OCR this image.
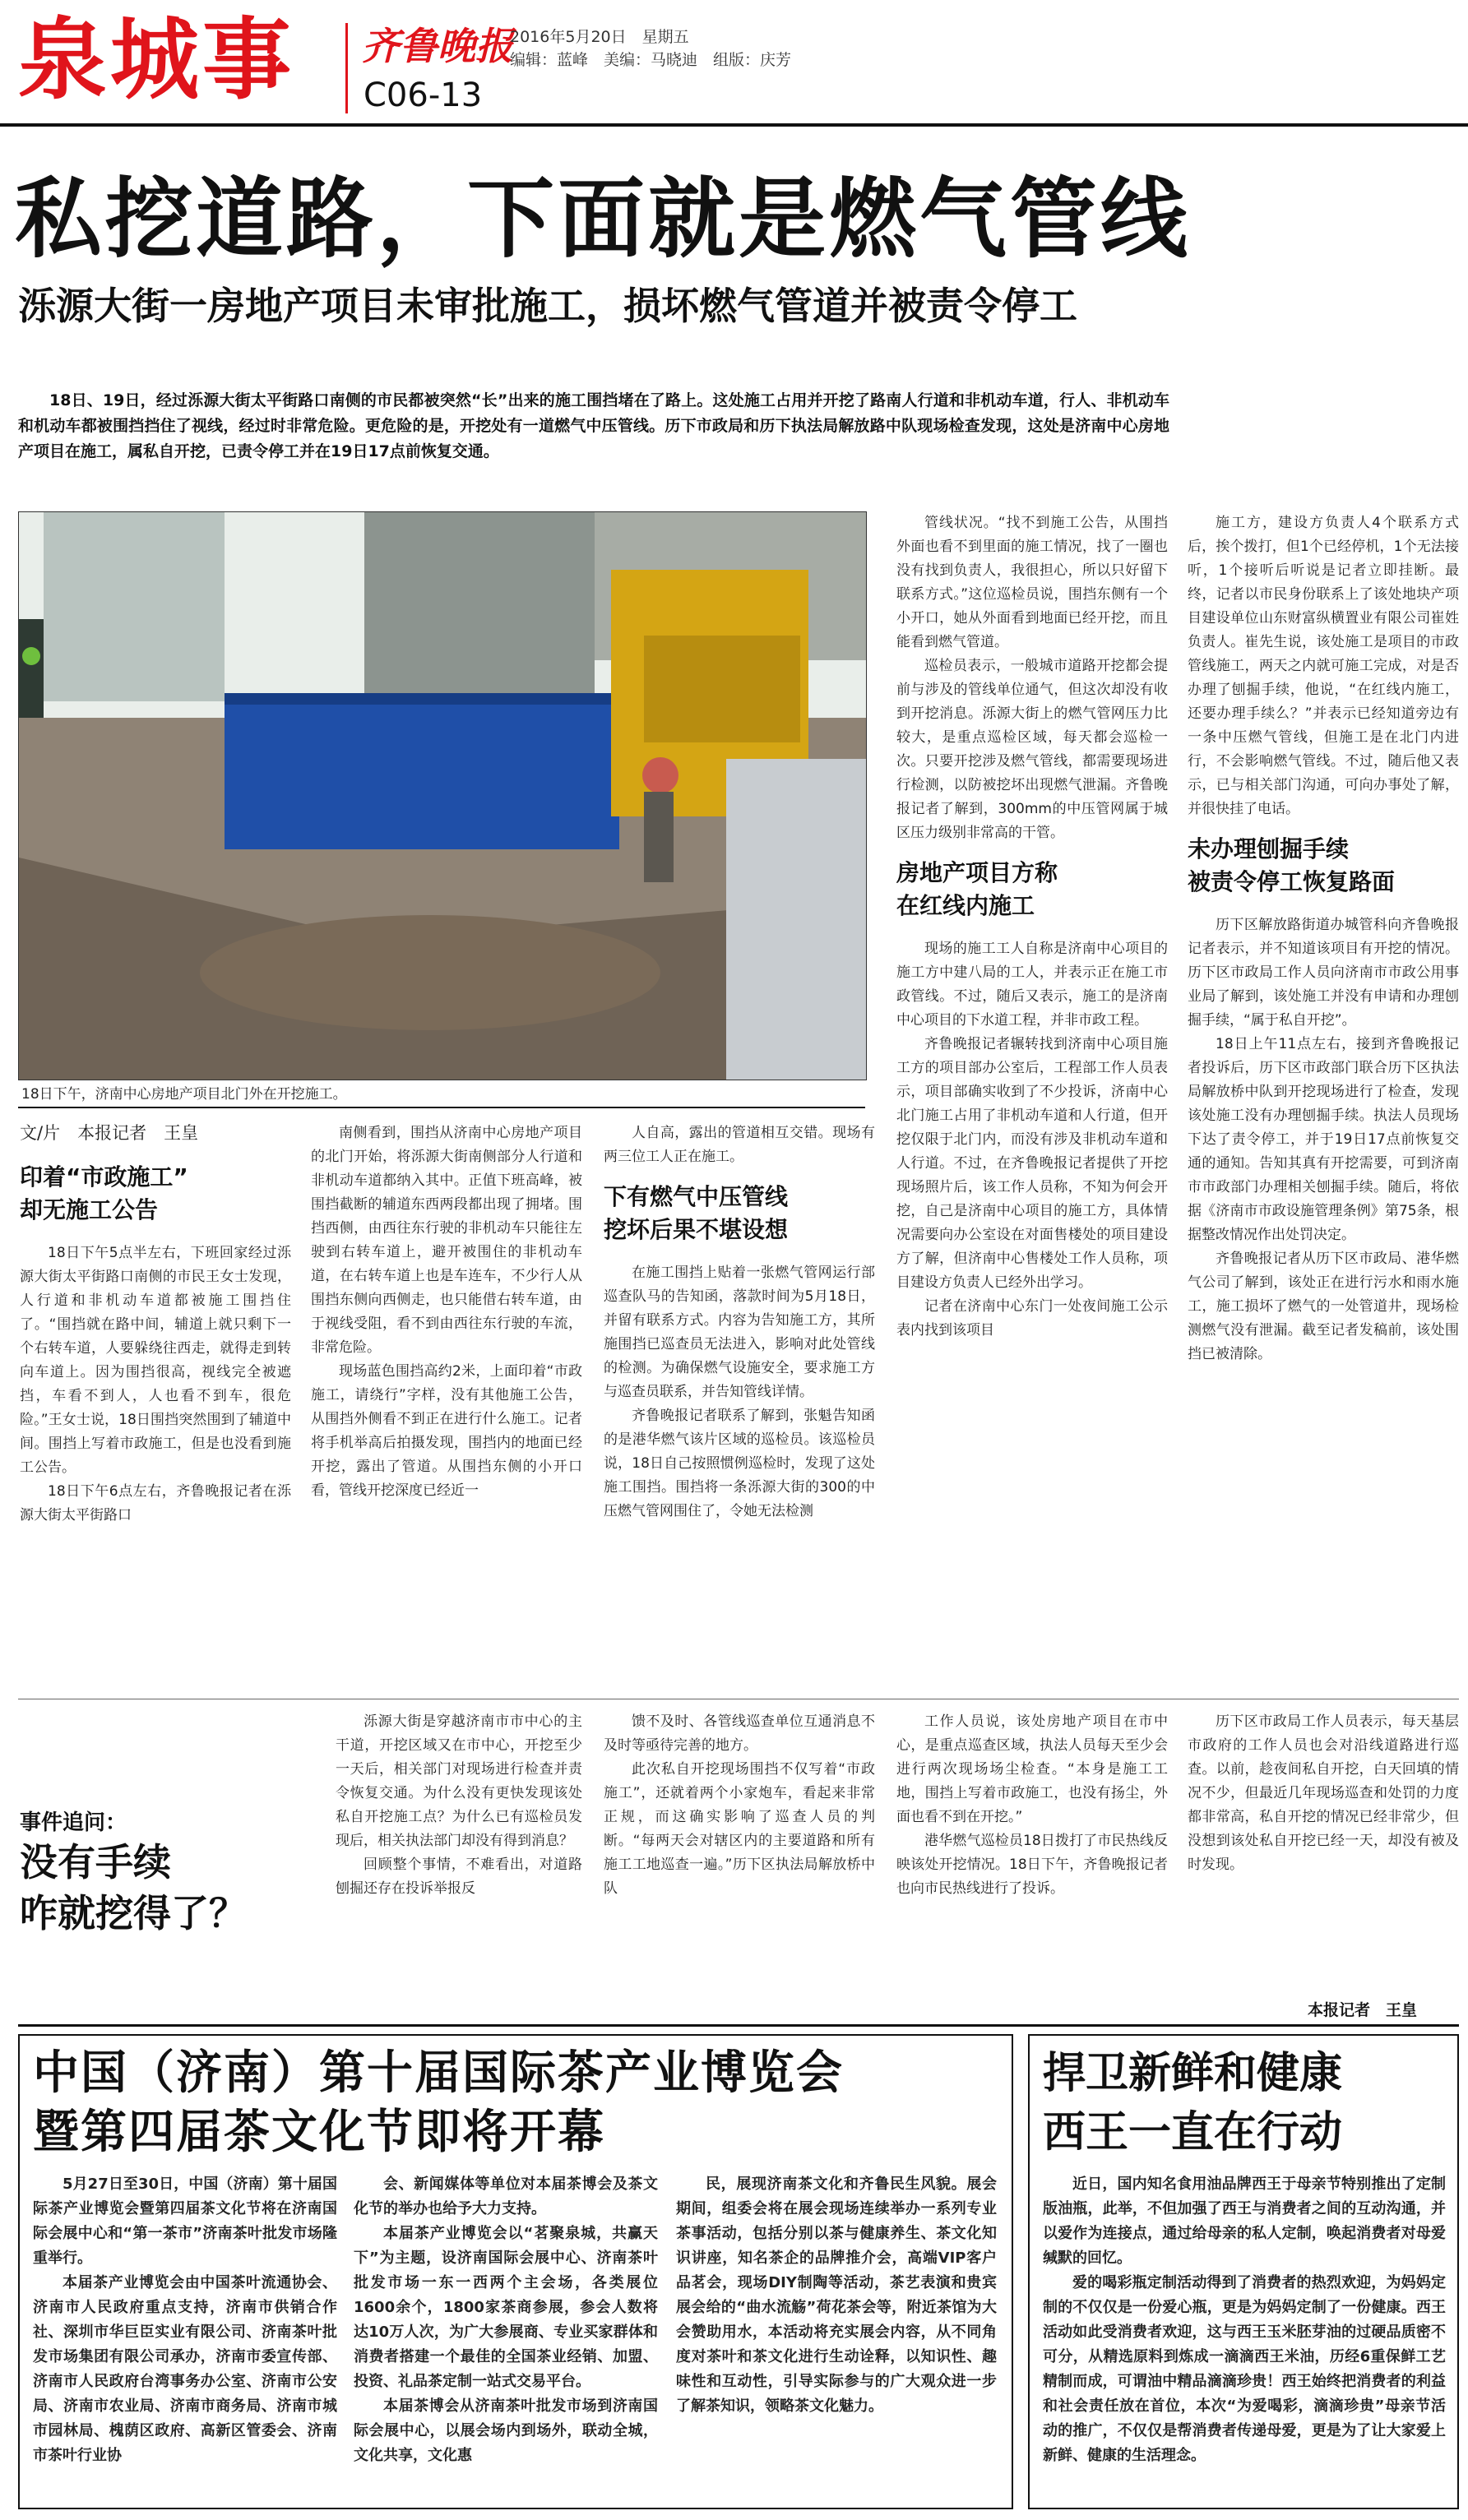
泉城事 齐鲁晚报
2016年5月20日　星期五
编辑：蓝峰　美编：马晓迪　组版：庆芳
C06-13
私挖道路，下面就是燃气管线
泺源大街一房地产项目未审批施工，损坏燃气管道并被责令停工
18日、19日，经过泺源大街太平街路口南侧的市民都被突然“长”出来的施工围挡堵在了路上。这处施工占用并开挖了路南人行道和非机动车道，行人、非机动车和机动车都被围挡挡住了视线，经过时非常危险。更危险的是，开挖处有一道燃气中压管线。历下市政局和历下执法局解放路中队现场检查发现，这处是济南中心房地产项目在施工，属私自开挖，已责令停工并在19日17点前恢复交通。
18日下午，济南中心房地产项目北门外在开挖施工。
文/片　本报记者　王皇
印着“市政施工”
却无施工公告

18日下午5点半左右，下班回家经过泺源大街太平街路口南侧的市民王女士发现，人行道和非机动车道都被施工围挡住了。“围挡就在路中间，辅道上就只剩下一个右转车道，人要躲绕往西走，就得走到转向车道上。因为围挡很高，视线完全被遮挡，车看不到人，人也看不到车，很危险。”王女士说，18日围挡突然围到了辅道中间。围挡上写着市政施工，但是也没看到施工公告。

18日下午6点左右，齐鲁晚报记者在泺源大街太平街路口

南侧看到，围挡从济南中心房地产项目的北门开始，将泺源大街南侧部分人行道和非机动车道都纳入其中。正值下班高峰，被围挡截断的辅道东西两段都出现了拥堵。围挡西侧，由西往东行驶的非机动车只能往左驶到右转车道上，避开被围住的非机动车道，在右转车道上也是车连车，不少行人从围挡东侧向西侧走，也只能借右转车道，由于视线受阻，看不到由西往东行驶的车流，非常危险。

现场蓝色围挡高约2米，上面印着“市政施工，请绕行”字样，没有其他施工公告，从围挡外侧看不到正在进行什么施工。记者将手机举高后拍摄发现，围挡内的地面已经开挖，露出了管道。从围挡东侧的小开口看，管线开挖深度已经近一

人自高，露出的管道相互交错。现场有两三位工人正在施工。

下有燃气中压管线
挖坏后果不堪设想

在施工围挡上贴着一张燃气管网运行部巡查队马的告知函，落款时间为5月18日，并留有联系方式。内容为告知施工方，其所施围挡已巡查员无法进入，影响对此处管线的检测。为确保燃气设施安全，要求施工方与巡查员联系，并告知管线详情。

齐鲁晚报记者联系了解到，张魁告知函的是港华燃气该片区域的巡检员。该巡检员说，18日自己按照惯例巡检时，发现了这处施工围挡。围挡将一条泺源大街的300的中压燃气管网围住了，令她无法检测

管线状况。“找不到施工公告，从围挡外面也看不到里面的施工情况，找了一圈也没有找到负责人，我很担心，所以只好留下联系方式。”这位巡检员说，围挡东侧有一个小开口，她从外面看到地面已经开挖，而且能看到燃气管道。

巡检员表示，一般城市道路开挖都会提前与涉及的管线单位通气，但这次却没有收到开挖消息。泺源大街上的燃气管网压力比较大，是重点巡检区域，每天都会巡检一次。只要开挖涉及燃气管线，都需要现场进行检测，以防被挖坏出现燃气泄漏。齐鲁晚报记者了解到，300mm的中压管网属于城区压力级别非常高的干管。

房地产项目方称
在红线内施工

现场的施工工人自称是济南中心项目的施工方中建八局的工人，并表示正在施工市政管线。不过，随后又表示，施工的是济南中心项目的下水道工程，并非市政工程。

齐鲁晚报记者辗转找到济南中心项目施工方的项目部办公室后，工程部工作人员表示，项目部确实收到了不少投诉，济南中心北门施工占用了非机动车道和人行道，但开挖仅限于北门内，而没有涉及非机动车道和人行道。不过，在齐鲁晚报记者提供了开挖现场照片后，该工作人员称，不知为何会开挖，自己是济南中心项目的施工方，具体情况需要向办公室设在对面售楼处的项目建设方了解，但济南中心售楼处工作人员称，项目建设方负责人已经外出学习。

记者在济南中心东门一处夜间施工公示表内找到该项目

施工方，建设方负责人4个联系方式后，挨个拨打，但1个已经停机，1个无法接听，1个接听后听说是记者立即挂断。最终，记者以市民身份联系上了该处地块产项目建设单位山东财富纵横置业有限公司崔姓负责人。崔先生说，该处施工是项目的市政管线施工，两天之内就可施工完成，对是否办理了刨掘手续，他说，“在红线内施工，还要办理手续么？”并表示已经知道旁边有一条中压燃气管线，但施工是在北门内进行，不会影响燃气管线。不过，随后他又表示，已与相关部门沟通，可向办事处了解，并很快挂了电话。

未办理刨掘手续
被责令停工恢复路面

历下区解放路街道办城管科向齐鲁晚报记者表示，并不知道该项目有开挖的情况。历下区市政局工作人员向济南市市政公用事业局了解到，该处施工并没有申请和办理刨掘手续，“属于私自开挖”。

18日上午11点左右，接到齐鲁晚报记者投诉后，历下区市政部门联合历下区执法局解放桥中队到开挖现场进行了检查，发现该处施工没有办理刨掘手续。执法人员现场下达了责令停工，并于19日17点前恢复交通的通知。告知其真有开挖需要，可到济南市市政部门办理相关刨掘手续。随后，将依据《济南市市政设施管理条例》第75条，根据整改情况作出处罚决定。

齐鲁晚报记者从历下区市政局、港华燃气公司了解到，该处正在进行污水和雨水施工，施工损坏了燃气的一处管道井，现场检测燃气没有泄漏。截至记者发稿前，该处围挡已被清除。

事件追问：
没有手续
咋就挖得了？

泺源大街是穿越济南市市中心的主干道，开挖区域又在市中心，开挖至少一天后，相关部门对现场进行检查并责令恢复交通。为什么没有更快发现该处私自开挖施工点？为什么已有巡检员发现后，相关执法部门却没有得到消息？

回顾整个事情，不难看出，对道路刨掘还存在投诉举报反

馈不及时、各管线巡查单位互通消息不及时等亟待完善的地方。

此次私自开挖现场围挡不仅写着“市政施工”，还就着两个小家炮车，看起来非常正规，而这确实影响了巡查人员的判断。“每两天会对辖区内的主要道路和所有施工工地巡查一遍。”历下区执法局解放桥中队

工作人员说，该处房地产项目在市中心，是重点巡查区域，执法人员每天至少会进行两次现场场尘检查。“本身是施工工地，围挡上写着市政施工，也没有扬尘，外面也看不到在开挖。”

港华燃气巡检员18日拨打了市民热线反映该处开挖情况。18日下午，齐鲁晚报记者也向市民热线进行了投诉。

历下区市政局工作人员表示，每天基层市政府的工作人员也会对沿线道路进行巡查。以前，趁夜间私自开挖，白天回填的情况不少，但最近几年现场巡查和处罚的力度都非常高，私自开挖的情况已经非常少，但没想到该处私自开挖已经一天，却没有被及时发现。

本报记者　王皇
中国（济南）第十届国际茶产业博览会
暨第四届茶文化节即将开幕

5月27日至30日，中国（济南）第十届国际茶产业博览会暨第四届茶文化节将在济南国际会展中心和“第一茶市”济南茶叶批发市场隆重举行。

本届茶产业博览会由中国茶叶流通协会、济南市人民政府重点支持，济南市供销合作社、深圳市华巨臣实业有限公司、济南茶叶批发市场集团有限公司承办，济南市委宣传部、济南市人民政府台湾事务办公室、济南市公安局、济南市农业局、济南市商务局、济南市城市园林局、槐荫区政府、高新区管委会、济南市茶叶行业协

会、新闻媒体等单位对本届茶博会及茶文化节的举办也给予大力支持。

本届茶产业博览会以“茗聚泉城，共赢天下”为主题，设济南国际会展中心、济南茶叶批发市场一东一西两个主会场，各类展位1600余个，1800家茶商参展，参会人数将达10万人次，为广大参展商、专业买家群体和消费者搭建一个最佳的全国茶业经销、加盟、投资、礼品茶定制一站式交易平台。

本届茶博会从济南茶叶批发市场到济南国际会展中心，以展会场内到场外，联动全城，文化共享，文化惠

民，展现济南茶文化和齐鲁民生风貌。展会期间，组委会将在展会现场连续举办一系列专业茶事活动，包括分别以茶与健康养生、茶文化知识讲座，知名茶企的品牌推介会，高端VIP客户品茗会，现场DIY制陶等活动，茶艺表演和贵宾展会给的“曲水流觞”荷花茶会等，附近茶馆为大会赞助用水，本活动将充实展会内容，从不同角度对茶叶和茶文化进行生动诠释，以知识性、趣味性和互动性，引导实际参与的广大观众进一步了解茶知识，领略茶文化魅力。

捍卫新鲜和健康
西王一直在行动

近日，国内知名食用油品牌西王于母亲节特别推出了定制版油瓶，此举，不但加强了西王与消费者之间的互动沟通，并以爱作为连接点，通过给母亲的私人定制，唤起消费者对母爱缄默的回忆。

爱的喝彩瓶定制活动得到了消费者的热烈欢迎，为妈妈定制的不仅仅是一份爱心瓶，更是为妈妈定制了一份健康。西王活动如此受消费者欢迎，这与西王玉米胚芽油的过硬品质密不可分，从精选原料到炼成一滴滴西王米油，历经6重保鲜工艺精制而成，可谓油中精品滴滴珍贵！西王始终把消费者的利益和社会责任放在首位，本次“为爱喝彩，滴滴珍贵”母亲节活动的推广，不仅仅是帮消费者传递母爱，更是为了让大家爱上新鲜、健康的生活理念。
